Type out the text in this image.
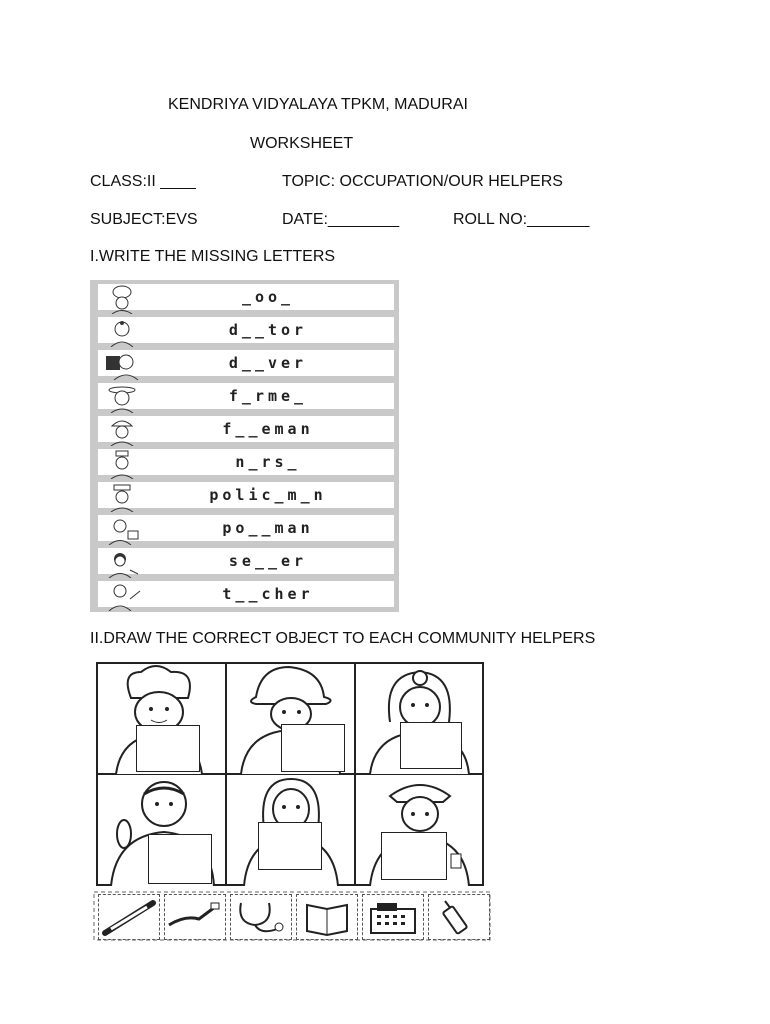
KENDRIYA VIDYALAYA TPKM, MADURAI
WORKSHEET
CLASS:II ____	TOPIC: OCCUPATION/OUR HELPERS
SUBJECT:EVS	DATE:________	ROLL NO:_______
I.WRITE THE MISSING LETTERS
_oo_
d__tor
d__ver
f_rme_
f__eman
n_rs_
polic_m_n
po__man
se__er
t__cher
II.DRAW THE CORRECT OBJECT TO EACH COMMUNITY HELPERS
